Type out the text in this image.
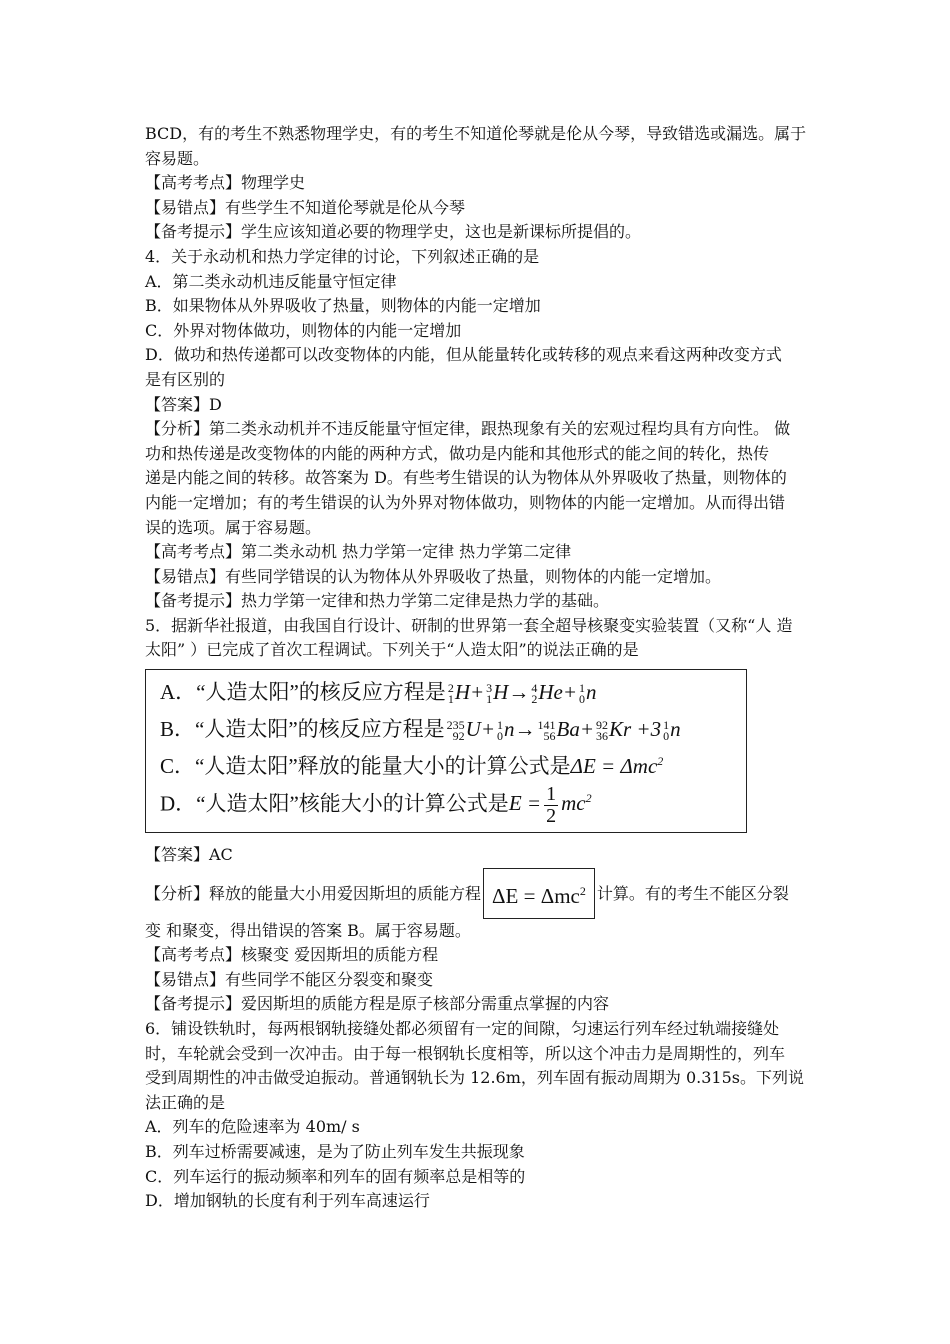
BCD，有的考生不熟悉物理学史，有的考生不知道伦琴就是伦从今琴，导致错选或漏选。属于
容易题。
【高考考点】物理学史
【易错点】有些学生不知道伦琴就是伦从今琴
【备考提示】学生应该知道必要的物理学史，这也是新课标所提倡的。
4．关于永动机和热力学定律的讨论，下列叙述正确的是
A．第二类永动机违反能量守恒定律
B．如果物体从外界吸收了热量，则物体的内能一定增加
C．外界对物体做功，则物体的内能一定增加
D．做功和热传递都可以改变物体的内能，但从能量转化或转移的观点来看这两种改变方式
是有区别的
【答案】D
【分析】第二类永动机并不违反能量守恒定律，跟热现象有关的宏观过程均具有方向性。 做
功和热传递是改变物体的内能的两种方式，做功是内能和其他形式的能之间的转化，热传
递是内能之间的转移。故答案为 D。有些考生错误的认为物体从外界吸收了热量，则物体的
内能一定增加；有的考生错误的认为外界对物体做功，则物体的内能一定增加。从而得出错
误的选项。属于容易题。
【高考考点】第二类永动机 热力学第一定律 热力学第二定律
【易错点】有些同学错误的认为物体从外界吸收了热量，则物体的内能一定增加。
【备考提示】热力学第一定律和热力学第二定律是热力学的基础。
5．据新华社报道，由我国自行设计、研制的世界第一套全超导核聚变实验装置（又称“人 造
太阳” ）已完成了首次工程调试。下列关于“人造太阳”的说法正确的是
A．“人造太阳”的核反应方程是 2
1 H+ 3
1 H→ 4
2 He+ 1
0 n
B．“人造太阳”的核反应方程是 235
92 U+ 1
0 n→ 141
56 Ba+ 92
36 Kr +3 1
0 n
C．“人造太阳”释放的能量大小的计算公式是ΔE = Δmc$^2$
D．“人造太阳”核能大小的计算公式是$E = \frac{1}{2} mc^2$
【答案】AC
【分析】释放的能量大小用爱因斯坦的质能方程 ΔE = Δmc$^2$ 计算。有的考生不能区分裂
变 和聚变，得出错误的答案 B。属于容易题。
【高考考点】核聚变 爱因斯坦的质能方程
【易错点】有些同学不能区分裂变和聚变
【备考提示】爱因斯坦的质能方程是原子核部分需重点掌握的内容
6．铺设铁轨时，每两根钢轨接缝处都必须留有一定的间隙，匀速运行列车经过轨端接缝处
时，车轮就会受到一次冲击。由于每一根钢轨长度相等，所以这个冲击力是周期性的，列车
受到周期性的冲击做受迫振动。普通钢轨长为 12.6m，列车固有振动周期为 0.315s。下列说
法正确的是
A．列车的危险速率为 40m/ s
B．列车过桥需要减速，是为了防止列车发生共振现象
C．列车运行的振动频率和列车的固有频率总是相等的
D．增加钢轨的长度有利于列车高速运行
